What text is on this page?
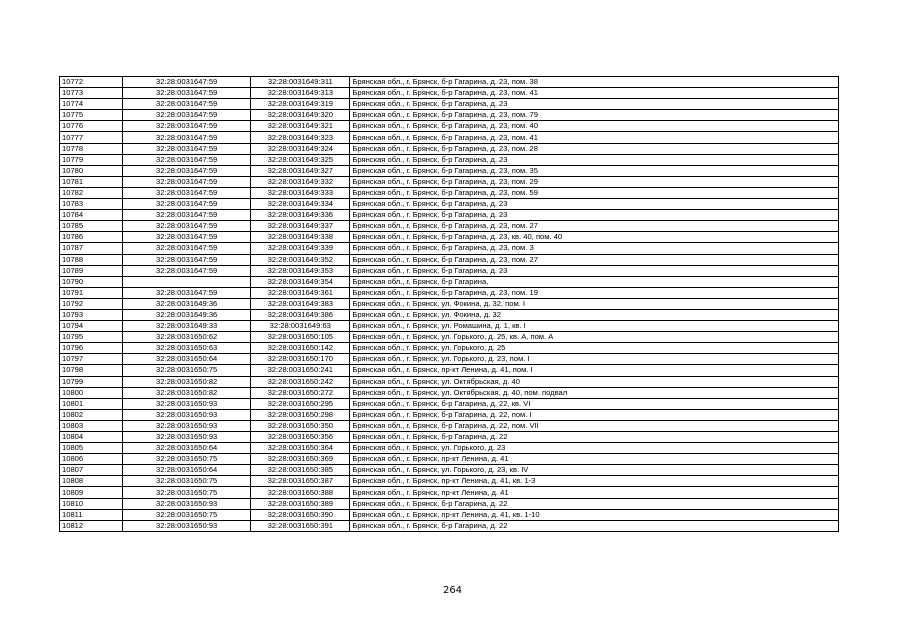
10772	32:28:0031647:59	32:28:0031649:311	Брянская обл., г. Брянск, б-р Гагарина, д. 23, пом. 38
10773	32:28:0031647:59	32:28:0031649:313	Брянская обл., г. Брянск, б-р Гагарина, д. 23, пом. 41
10774	32:28:0031647:59	32:28:0031649:319	Брянская обл., г. Брянск, б-р Гагарина, д. 23
10775	32:28:0031647:59	32:28:0031649:320	Брянская обл., г. Брянск, б-р Гагарина, д. 23, пом. 79
10776	32:28:0031647:59	32:28:0031649:321	Брянская обл., г. Брянск, б-р Гагарина, д. 23, пом. 40
10777	32:28:0031647:59	32:28:0031649:323	Брянская обл., г. Брянск, б-р Гагарина, д. 23, пом. 41
10778	32:28:0031647:59	32:28:0031649:324	Брянская обл., г. Брянск, б-р Гагарина, д. 23, пом. 28
10779	32:28:0031647:59	32:28:0031649:325	Брянская обл., г. Брянск, б-р Гагарина, д. 23
10780	32:28:0031647:59	32:28:0031649:327	Брянская обл., г. Брянск, б-р Гагарина, д. 23, пом. 35
10781	32:28:0031647:59	32:28:0031649:332	Брянская обл., г. Брянск, б-р Гагарина, д. 23, пом. 29
10782	32:28:0031647:59	32:28:0031649:333	Брянская обл., г. Брянск, б-р Гагарина, д. 23, пом. 59
10783	32:28:0031647:59	32:28:0031649:334	Брянская обл., г. Брянск, б-р Гагарина, д. 23
10784	32:28:0031647:59	32:28:0031649:336	Брянская обл., г. Брянск, б-р Гагарина, д. 23
10785	32:28:0031647:59	32:28:0031649:337	Брянская обл., г. Брянск, б-р Гагарина, д. 23, пом. 27
10786	32:28:0031647:59	32:28:0031649:338	Брянская обл., г. Брянск, б-р Гагарина, д. 23, кв. 40, пом. 40
10787	32:28:0031647:59	32:28:0031649:339	Брянская обл., г. Брянск, б-р Гагарина, д. 23, пом. 3
10788	32:28:0031647:59	32:28:0031649:352	Брянская обл., г. Брянск, б-р Гагарина, д. 23, пом. 27
10789	32:28:0031647:59	32:28:0031649:353	Брянская обл., г. Брянск, б-р Гагарина, д. 23
10790		32:28:0031649:354	Брянская обл., г. Брянск, б-р Гагарина,
10791	32:28:0031647:59	32:28:0031649:361	Брянская обл., г. Брянск, б-р Гагарина, д. 23, пом. 19
10792	32:28:0031649:36	32:28:0031649:383	Брянская обл., г. Брянск, ул. Фокина, д. 32, пом. I
10793	32:28:0031649:36	32:28:0031649:386	Брянская обл., г. Брянск, ул. Фокина, д. 32
10794	32:28:0031649:33	32:28:0031649:63	Брянская обл., г. Брянск, ул. Ромашина, д. 1, кв. I
10795	32:28:0031650:62	32:28:0031650:105	Брянская обл., г. Брянск, ул. Горького, д. 25, кв. А, пом. А
10796	32:28:0031650:63	32:28:0031650:142	Брянская обл., г. Брянск, ул. Горького, д. 25
10797	32:28:0031650:64	32:28:0031650:170	Брянская обл., г. Брянск, ул. Горького, д. 23, пом. I
10798	32:28:0031650:75	32:28:0031650:241	Брянская обл., г. Брянск, пр-кт Ленина, д. 41, пом. I
10799	32:28:0031650:82	32:28:0031650:242	Брянская обл., г. Брянск, ул. Октябрьская, д. 40
10800	32:28:0031650:82	32:28:0031650:272	Брянская обл., г. Брянск, ул. Октябрьская, д. 40, пом. подвал
10801	32:28:0031650:93	32:28:0031650:295	Брянская обл., г. Брянск, б-р Гагарина, д. 22, кв. VI
10802	32:28:0031650:93	32:28:0031650:298	Брянская обл., г. Брянск, б-р Гагарина, д. 22, пом. I
10803	32:28:0031650:93	32:28:0031650:350	Брянская обл., г. Брянск, б-р Гагарина, д. 22, пом. VII
10804	32:28:0031650:93	32:28:0031650:356	Брянская обл., г. Брянск, б-р Гагарина, д. 22
10805	32:28:0031650:64	32:28:0031650:364	Брянская обл., г. Брянск, ул. Горького, д. 23
10806	32:28:0031650:75	32:28:0031650:369	Брянская обл., г. Брянск, пр-кт Ленина, д. 41
10807	32:28:0031650:64	32:28:0031650:385	Брянская обл., г. Брянск, ул. Горького, д. 23, кв. IV
10808	32:28:0031650:75	32:28:0031650:387	Брянская обл., г. Брянск, пр-кт Ленина, д. 41, кв. 1-3
10809	32:28:0031650:75	32:28:0031650:388	Брянская обл., г. Брянск, пр-кт Ленина, д. 41
10810	32:28:0031650:93	32:28:0031650:389	Брянская обл., г. Брянск, б-р Гагарина, д. 22
10811	32:28:0031650:75	32:28:0031650:390	Брянская обл., г. Брянск, пр-кт Ленина, д. 41, кв. 1-10
10812	32:28:0031650:93	32:28:0031650:391	Брянская обл., г. Брянск, б-р Гагарина, д. 22
264
